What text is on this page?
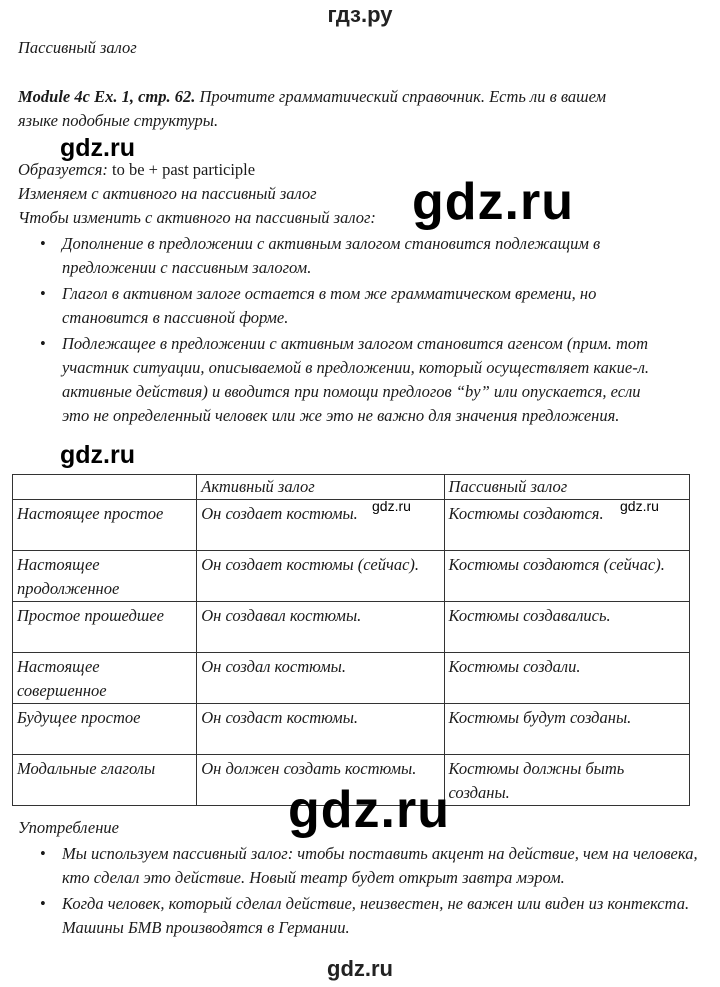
гдз.ру
Пассивный залог
Module 4c Ex. 1, стр. 62. Прочтите грамматический справочник. Есть ли в вашем
языке подобные структуры.
Образуется: to be + past participle
Изменяем с активного на пассивный залог
Чтобы изменить с активного на пассивный залог:
• Дополнение в предложении с активным залогом становится подлежащим в предложении с пассивным залогом.
• Глагол в активном залоге остается в том же грамматическом времени, но становится в пассивной форме.
• Подлежащее в предложении с активным залогом становится агенсом (прим. тот участник ситуации, описываемой в предложении, который осуществляет какие-л. активные действия) и вводится при помощи предлогов “by” или опускается, если это не определенный человек или же это не важно для значения предложения.
	Активный залог	Пассивный залог
Настоящее простое	Он создает костюмы.	Костюмы создаются.
Настоящее продолженное	Он создает костюмы (сейчас).	Костюмы создаются (сейчас).
Простое прошедшее	Он создавал костюмы.	Костюмы создавались.
Настоящее совершенное	Он создал костюмы.	Костюмы создали.
Будущее простое	Он создаст костюмы.	Костюмы будут созданы.
Модальные глаголы	Он должен создать костюмы.	Костюмы должны быть созданы.
Употребление
• Мы используем пассивный залог: чтобы поставить акцент на действие, чем на человека, кто сделал это действие. Новый театр будет открыт завтра мэром.
• Когда человек, который сделал действие, неизвестен, не важен или виден из контекста. Машины БМВ производятся в Германии.
gdz.ru
gdz.ru
gdz.ru
gdz.ru	gdz.ru
gdz.ru
gdz.ru
